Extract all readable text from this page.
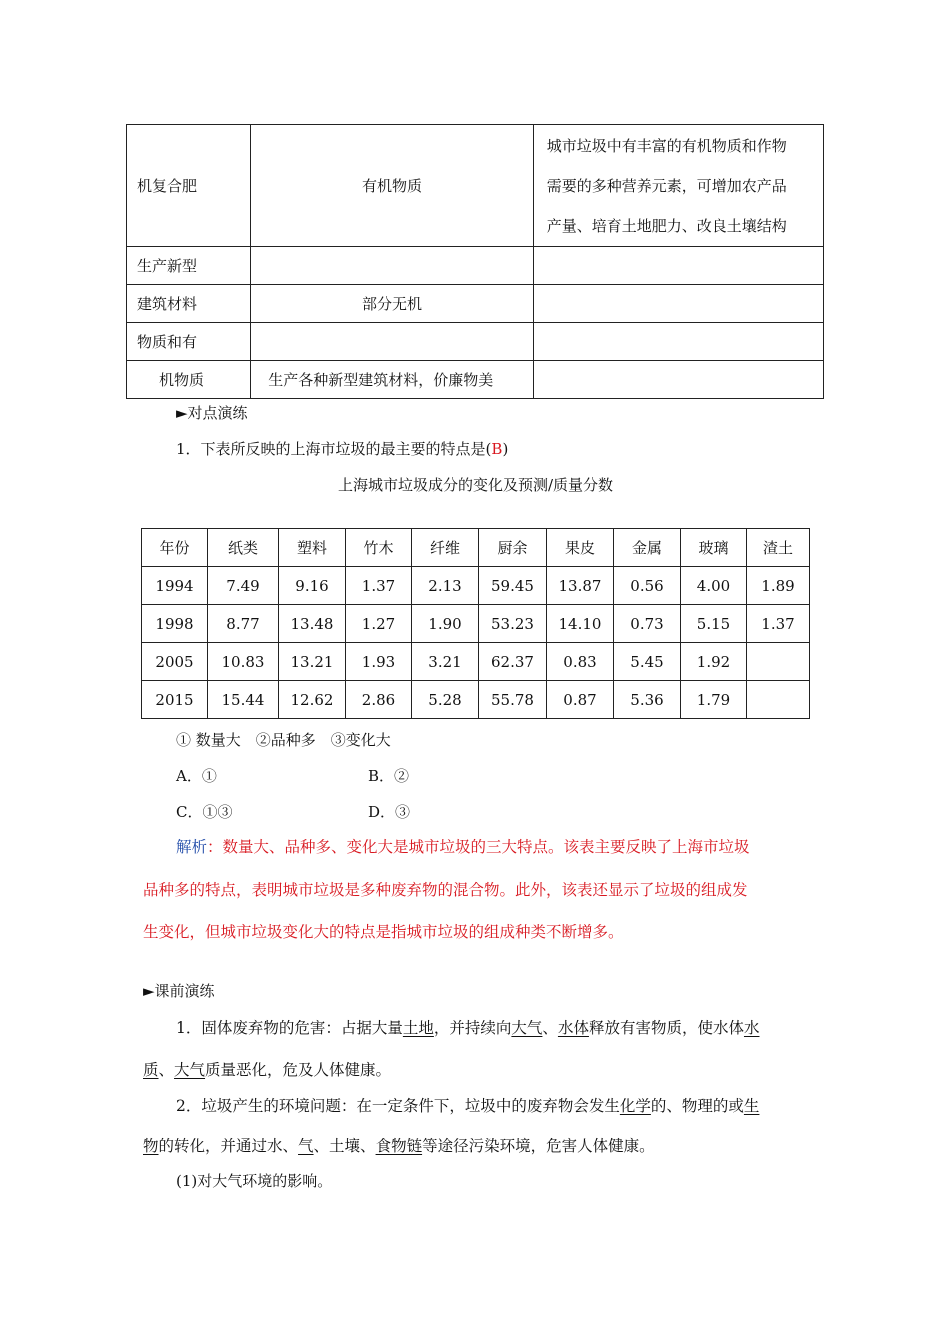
机复合肥	有机物质	城市垃圾中有丰富的有机物质和作物
需要的多种营养元素，可增加农产品
产量、培育土地肥力、改良土壤结构

生产新型		
建筑材料	部分无机	
物质和有		
机物质	生产各种新型建筑材料，价廉物美	
►对点演练
1．下表所反映的上海市垃圾的最主要的特点是(B)
上海城市垃圾成分的变化及预测/质量分数
年份	纸类	塑料	竹木	纤维	厨余	果皮	金属	玻璃	渣土
1994	7.49	9.16	1.37	2.13	59.45	13.87	0.56	4.00	1.89
1998	8.77	13.48	1.27	1.90	53.23	14.10	0.73	5.15	1.37
2005	10.83	13.21	1.93	3.21	62.37	0.83	5.45	1.92	
2015	15.44	12.62	2.86	5.28	55.78	0.87	5.36	1.79	
① 数量大　②品种多　③变化大
A．①	B．②
C．①③	D．③
解析：数量大、品种多、变化大是城市垃圾的三大特点。该表主要反映了上海市垃圾
品种多的特点，表明城市垃圾是多种废弃物的混合物。此外，该表还显示了垃圾的组成发
生变化，但城市垃圾变化大的特点是指城市垃圾的组成种类不断增多。
►课前演练
1．固体废弃物的危害：占据大量土地，并持续向大气、水体释放有害物质，使水体水
质、大气质量恶化，危及人体健康。
2．垃圾产生的环境问题：在一定条件下，垃圾中的废弃物会发生化学的、物理的或生
物的转化，并通过水、气、土壤、食物链等途径污染环境，危害人体健康。
(1)对大气环境的影响。
